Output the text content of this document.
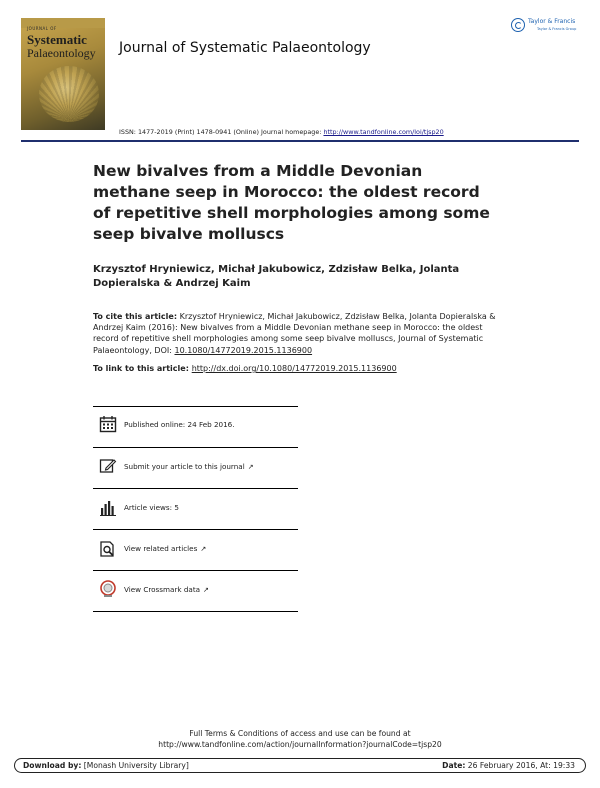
JOURNAL OF
Systematic
Palaeontology Journal of Systematic Palaeontology
Taylor & Francis
Taylor & Francis Group
ISSN: 1477-2019 (Print) 1478-0941 (Online) Journal homepage: http://www.tandfonline.com/loi/tjsp20
New bivalves from a Middle Devonian methane seep in Morocco: the oldest record of repetitive shell morphologies among some seep bivalve molluscs
Krzysztof Hryniewicz, Michał Jakubowicz, Zdzisław Belka, Jolanta Dopieralska & Andrzej Kaim
To cite this article: Krzysztof Hryniewicz, Michał Jakubowicz, Zdzisław Belka, Jolanta Dopieralska & Andrzej Kaim (2016): New bivalves from a Middle Devonian methane seep in Morocco: the oldest record of repetitive shell morphologies among some seep bivalve molluscs, Journal of Systematic Palaeontology, DOI: 10.1080/14772019.2015.1136900
To link to this article: http://dx.doi.org/10.1080/14772019.2015.1136900
Published online: 24 Feb 2016.
Submit your article to this journal ↗
Article views: 5
View related articles ↗
View Crossmark data ↗
Full Terms & Conditions of access and use can be found at
http://www.tandfonline.com/action/journalInformation?journalCode=tjsp20
Download by: [Monash University Library]	Date: 26 February 2016, At: 19:33
